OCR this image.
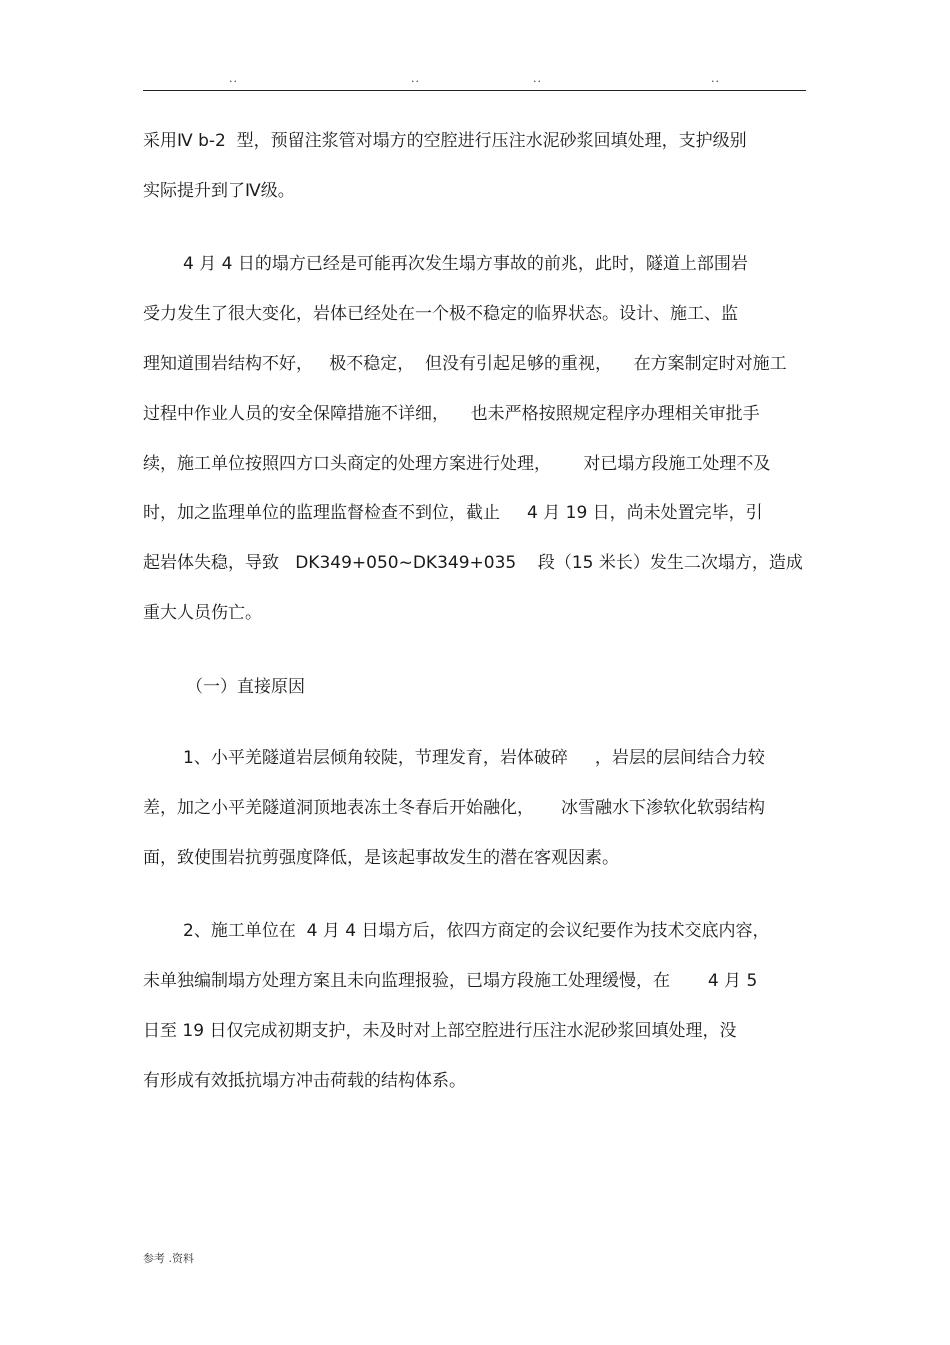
..	..	..	..
采用Ⅳ b-2  型，预留注浆管对塌方的空腔进行压注水泥砂浆回填处理，支护级别
实际提升到了Ⅳ级。
4 月 4 日的塌方已经是可能再次发生塌方事故的前兆，此时，隧道上部围岩
受力发生了很大变化，岩体已经处在一个极不稳定的临界状态。设计、施工、监
理知道围岩结构不好，   极不稳定，  但没有引起足够的重视，    在方案制定时对施工
过程中作业人员的安全保障措施不详细，    也未严格按照规定程序办理相关审批手
续，施工单位按照四方口头商定的处理方案进行处理，      对已塌方段施工处理不及
时，加之监理单位的监理监督检查不到位，截止     4 月 19 日，尚未处置完毕，引
起岩体失稳，导致   DK349+050~DK349+035    段（15 米长）发生二次塌方，造成
重大人员伤亡。
（一）直接原因
1、小平羌隧道岩层倾角较陡，节理发育，岩体破碎     ，岩层的层间结合力较
差，加之小平羌隧道洞顶地表冻土冬春后开始融化，     冰雪融水下渗软化软弱结构
面，致使围岩抗剪强度降低，是该起事故发生的潜在客观因素。
2、施工单位在  4 月 4 日塌方后，依四方商定的会议纪要作为技术交底内容，
未单独编制塌方处理方案且未向监理报验，已塌方段施工处理缓慢，在       4 月 5
日至 19 日仅完成初期支护，未及时对上部空腔进行压注水泥砂浆回填处理，没
有形成有效抵抗塌方冲击荷载的结构体系。
参考 .资料
